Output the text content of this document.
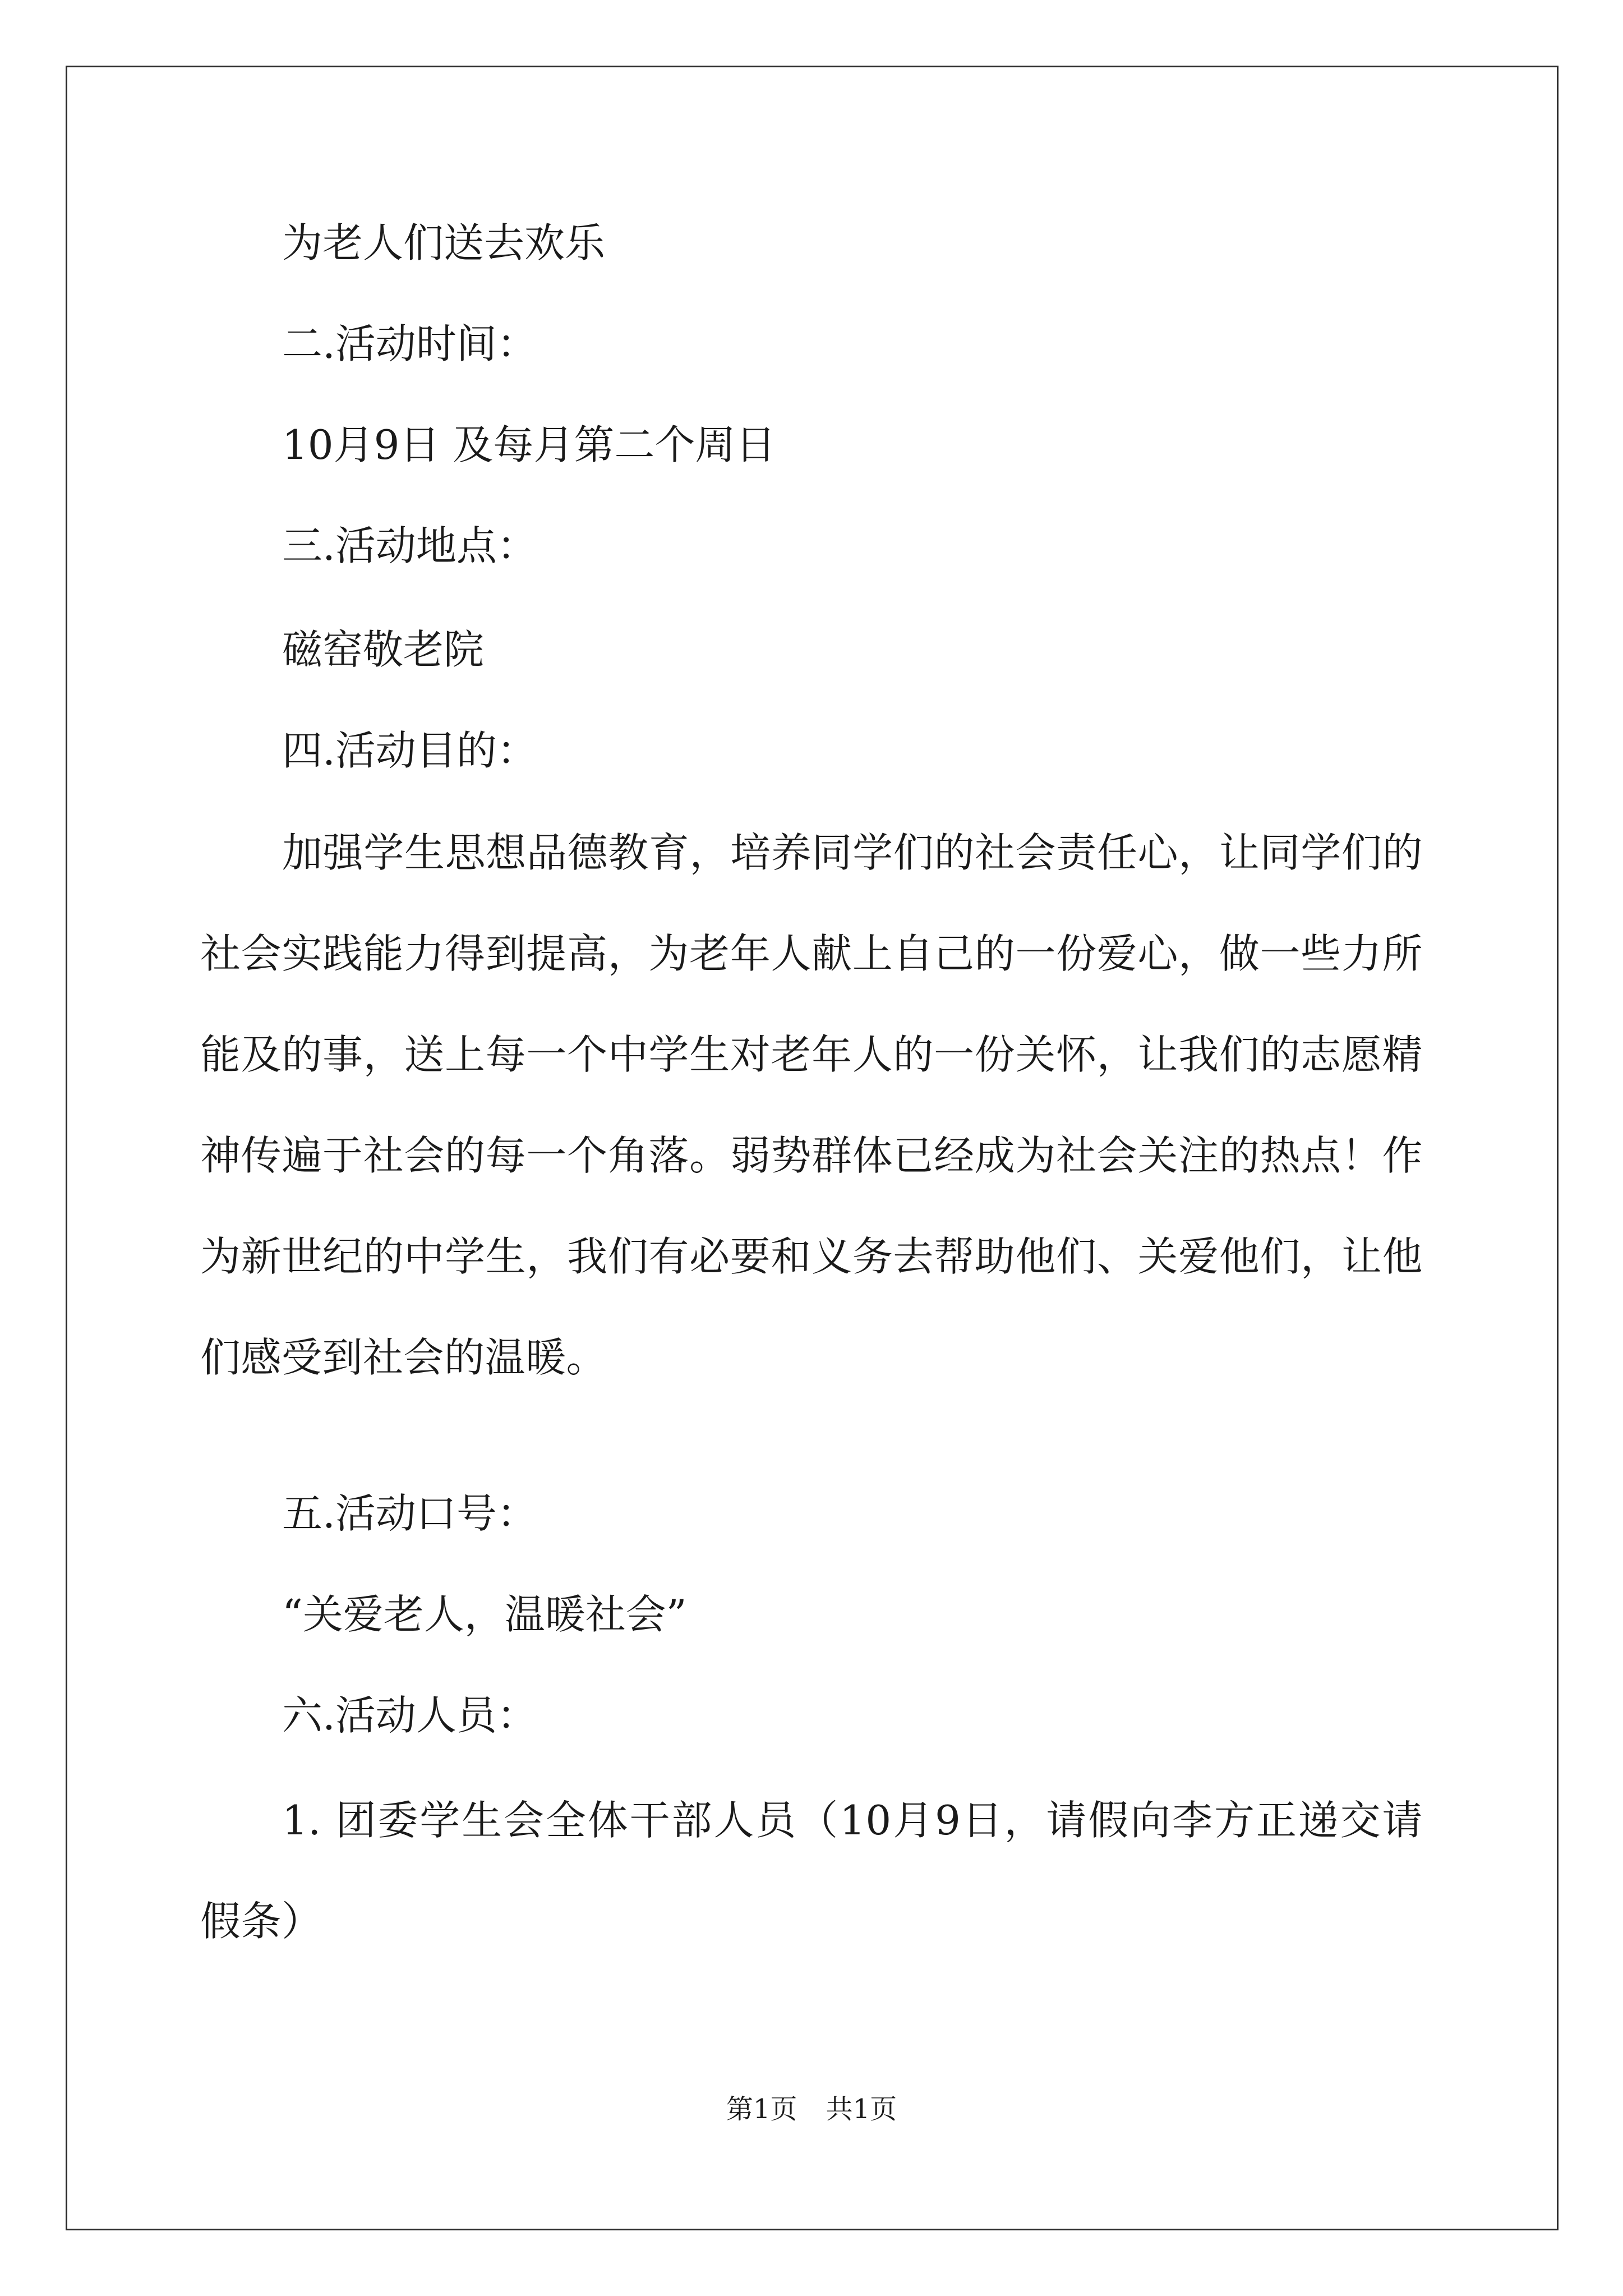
为老人们送去欢乐
二.活动时间：
10月9日 及每月第二个周日
三.活动地点：
磁窑敬老院
四.活动目的：

加强学生思想品德教育，培养同学们的社会责任心，让同学们的社会实践能力得到提高，为老年人献上自己的一份爱心，做一些力所能及的事，送上每一个中学生对老年人的一份关怀，让我们的志愿精神传遍于社会的每一个角落。弱势群体已经成为社会关注的热点！作为新世纪的中学生，我们有必要和义务去帮助他们、关爱他们，让他们感受到社会的温暖。

五.活动口号：
“关爱老人，温暖社会”
六.活动人员：

1. 团委学生会全体干部人员（10月9日，请假向李方正递交请假条）

第1页 共1页
